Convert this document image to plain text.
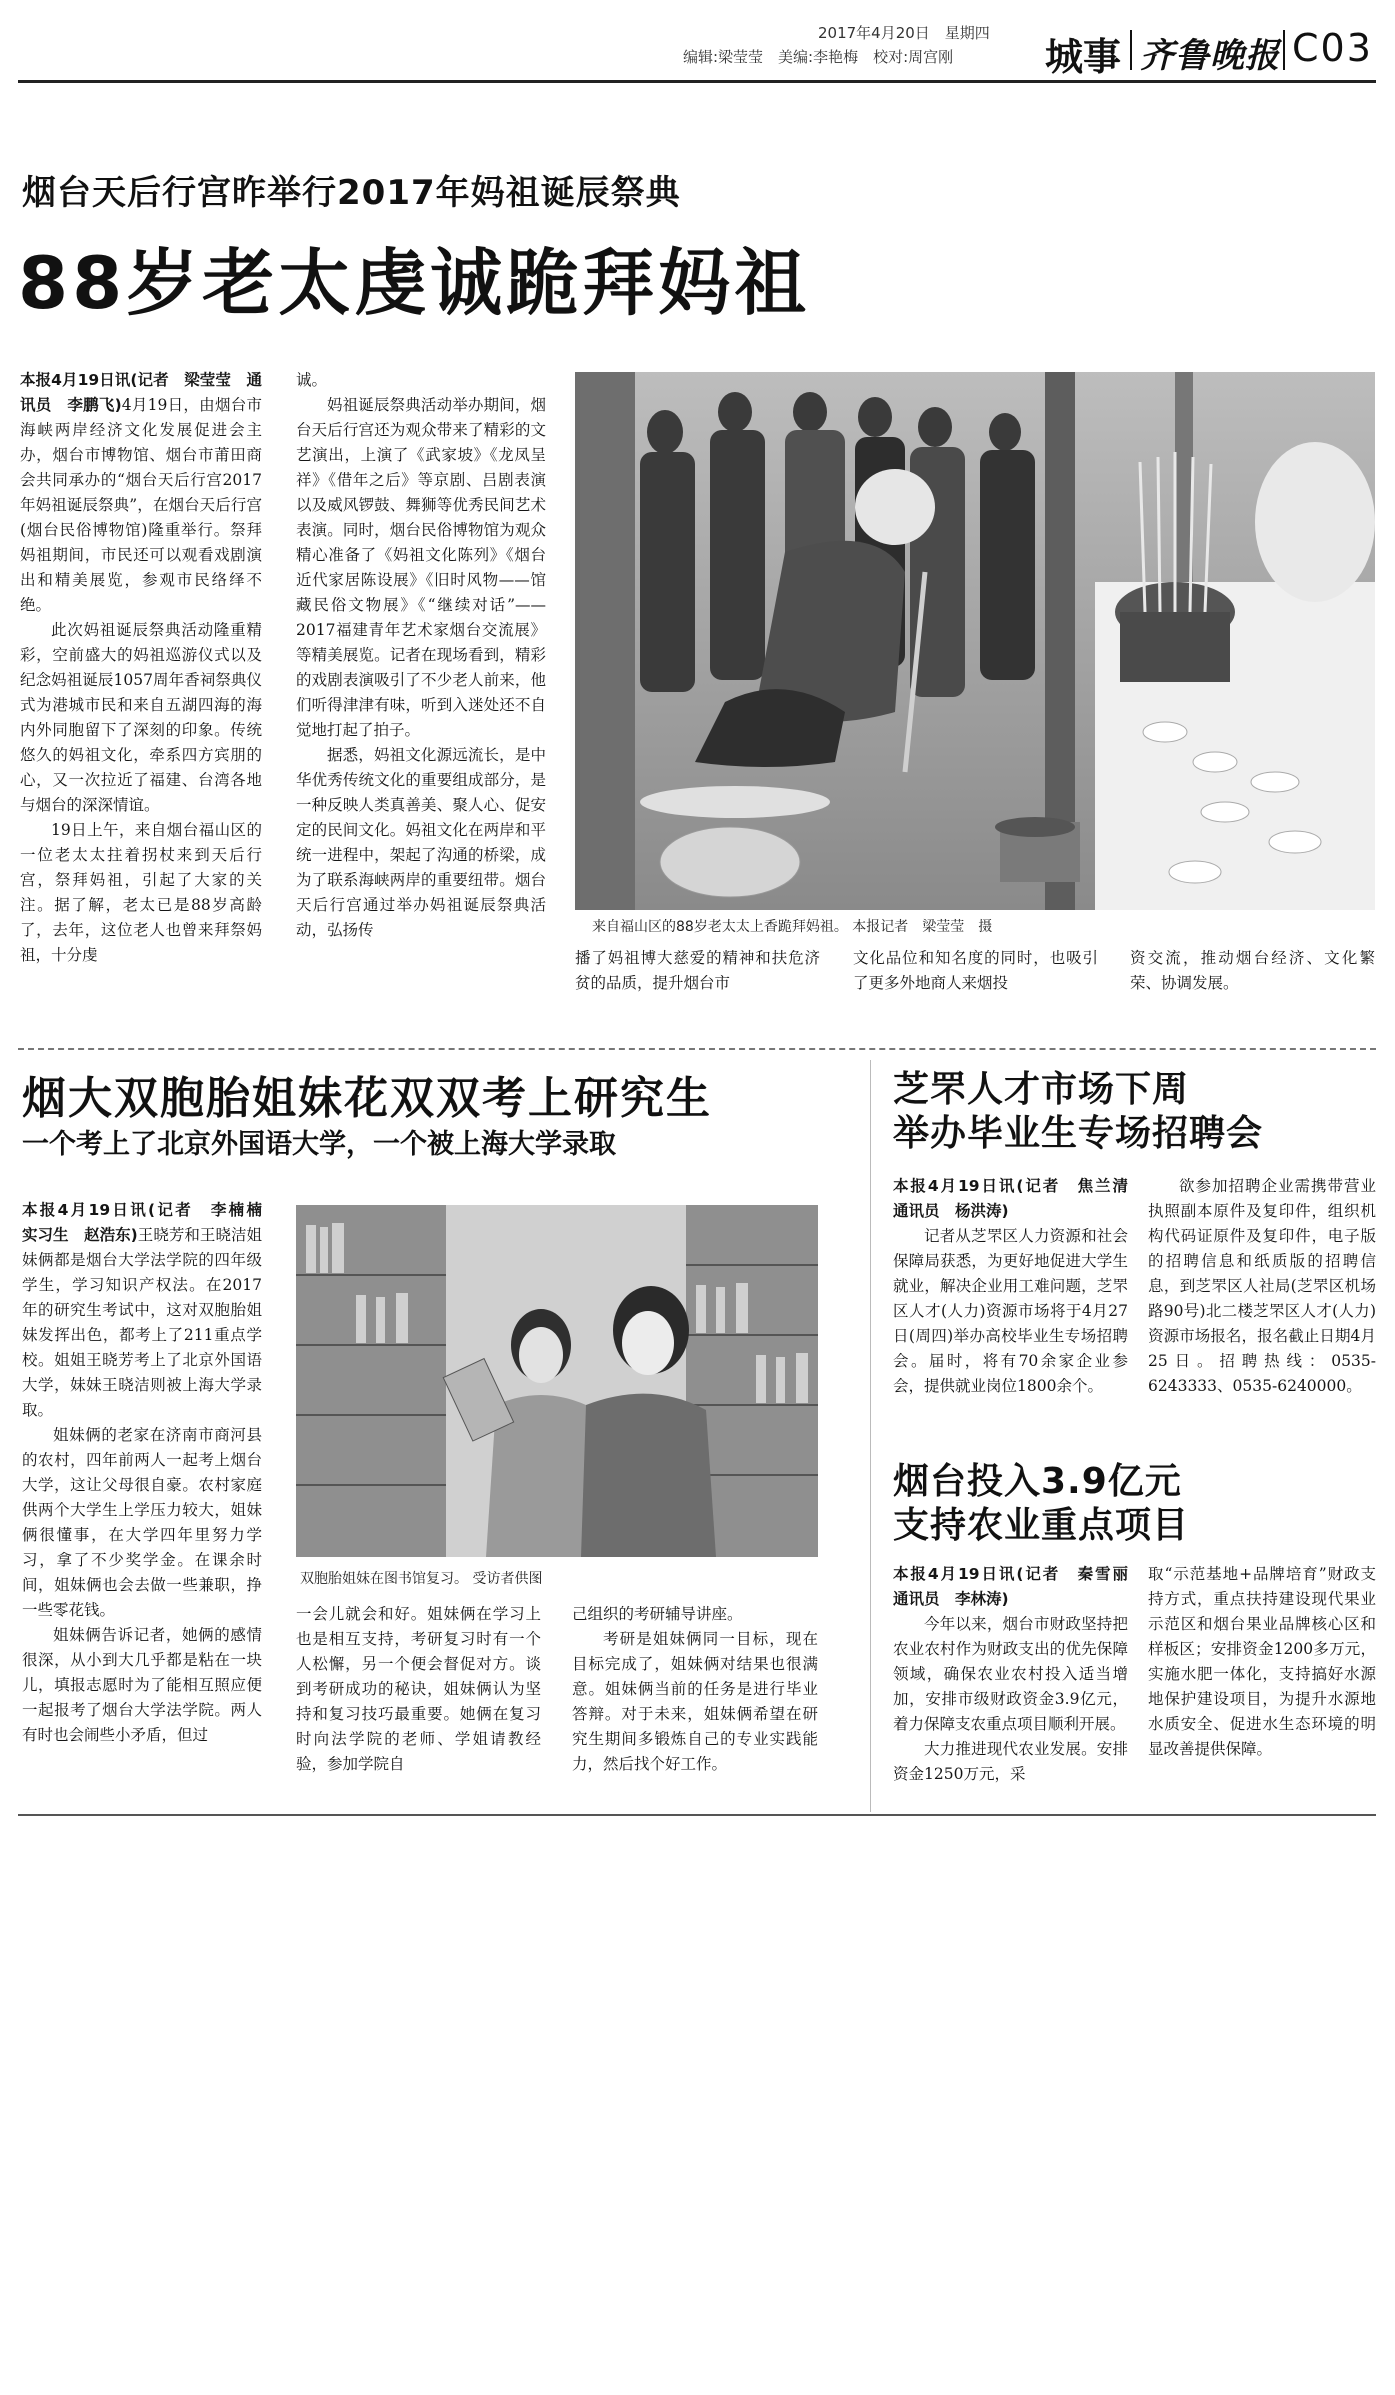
2017年4月20日　星期四
编辑:梁莹莹　美编:李艳梅　校对:周宫刚 城事 齐鲁晚报 C03
烟台天后行宫昨举行2017年妈祖诞辰祭典
88岁老太虔诚跪拜妈祖

本报4月19日讯(记者　梁莹莹　通讯员　李鹏飞)4月19日，由烟台市海峡两岸经济文化发展促进会主办，烟台市博物馆、烟台市莆田商会共同承办的“烟台天后行宫2017年妈祖诞辰祭典”，在烟台天后行宫(烟台民俗博物馆)隆重举行。祭拜妈祖期间，市民还可以观看戏剧演出和精美展览，参观市民络绎不绝。

此次妈祖诞辰祭典活动隆重精彩，空前盛大的妈祖巡游仪式以及纪念妈祖诞辰1057周年香祠祭典仪式为港城市民和来自五湖四海的海内外同胞留下了深刻的印象。传统悠久的妈祖文化，牵系四方宾朋的心，又一次拉近了福建、台湾各地与烟台的深深情谊。

19日上午，来自烟台福山区的一位老太太拄着拐杖来到天后行宫，祭拜妈祖，引起了大家的关注。据了解，老太已是88岁高龄了，去年，这位老人也曾来拜祭妈祖，十分虔

诚。

妈祖诞辰祭典活动举办期间，烟台天后行宫还为观众带来了精彩的文艺演出，上演了《武家坡》《龙凤呈祥》《借年之后》等京剧、吕剧表演以及威风锣鼓、舞狮等优秀民间艺术表演。同时，烟台民俗博物馆为观众精心准备了《妈祖文化陈列》《烟台近代家居陈设展》《旧时风物——馆藏民俗文物展》《“继续对话”——2017福建青年艺术家烟台交流展》等精美展览。记者在现场看到，精彩的戏剧表演吸引了不少老人前来，他们听得津津有味，听到入迷处还不自觉地打起了拍子。

据悉，妈祖文化源远流长，是中华优秀传统文化的重要组成部分，是一种反映人类真善美、聚人心、促安定的民间文化。妈祖文化在两岸和平统一进程中，架起了沟通的桥梁，成为了联系海峡两岸的重要纽带。烟台天后行宫通过举办妈祖诞辰祭典活动，弘扬传	来自福山区的88岁老太太上香跪拜妈祖。 本报记者　梁莹莹　摄

播了妈祖博大慈爱的精神和扶危济贫的品质，提升烟台市

文化品位和知名度的同时，也吸引了更多外地商人来烟投

资交流，推动烟台经济、文化繁荣、协调发展。

烟大双胞胎姐妹花双双考上研究生
一个考上了北京外国语大学，一个被上海大学录取

本报4月19日讯(记者　李楠楠　实习生　赵浩东)王晓芳和王晓洁姐妹俩都是烟台大学法学院的四年级学生，学习知识产权法。在2017年的研究生考试中，这对双胞胎姐妹发挥出色，都考上了211重点学校。姐姐王晓芳考上了北京外国语大学，妹妹王晓洁则被上海大学录取。

姐妹俩的老家在济南市商河县的农村，四年前两人一起考上烟台大学，这让父母很自豪。农村家庭供两个大学生上学压力较大，姐妹俩很懂事，在大学四年里努力学习，拿了不少奖学金。在课余时间，姐妹俩也会去做一些兼职，挣一些零花钱。

姐妹俩告诉记者，她俩的感情很深，从小到大几乎都是粘在一块儿，填报志愿时为了能相互照应便一起报考了烟台大学法学院。两人有时也会闹些小矛盾，但过

双胞胎姐妹在图书馆复习。 受访者供图

一会儿就会和好。姐妹俩在学习上也是相互支持，考研复习时有一个人松懈，另一个便会督促对方。谈到考研成功的秘诀，姐妹俩认为坚持和复习技巧最重要。她俩在复习时向法学院的老师、学姐请教经验，参加学院自

己组织的考研辅导讲座。

考研是姐妹俩同一目标，现在目标完成了，姐妹俩对结果也很满意。姐妹俩当前的任务是进行毕业答辩。对于未来，姐妹俩希望在研究生期间多锻炼自己的专业实践能力，然后找个好工作。

芝罘人才市场下周
举办毕业生专场招聘会

本报4月19日讯(记者　焦兰清　通讯员　杨洪涛)

记者从芝罘区人力资源和社会保障局获悉，为更好地促进大学生就业，解决企业用工难问题，芝罘区人才(人力)资源市场将于4月27日(周四)举办高校毕业生专场招聘会。届时，将有70余家企业参会，提供就业岗位1800余个。

欲参加招聘企业需携带营业执照副本原件及复印件，组织机构代码证原件及复印件，电子版的招聘信息和纸质版的招聘信息，到芝罘区人社局(芝罘区机场路90号)北二楼芝罘区人才(人力)资源市场报名，报名截止日期4月25日。招聘热线：0535-6243333、0535-6240000。

烟台投入3.9亿元
支持农业重点项目

本报4月19日讯(记者　秦雪丽　通讯员　李林涛)

今年以来，烟台市财政坚持把农业农村作为财政支出的优先保障领域，确保农业农村投入适当增加，安排市级财政资金3.9亿元，着力保障支农重点项目顺利开展。

大力推进现代农业发展。安排资金1250万元，采

取“示范基地+品牌培育”财政支持方式，重点扶持建设现代果业示范区和烟台果业品牌核心区和样板区；安排资金1200多万元，实施水肥一体化，支持搞好水源地保护建设项目，为提升水源地水质安全、促进水生态环境的明显改善提供保障。
